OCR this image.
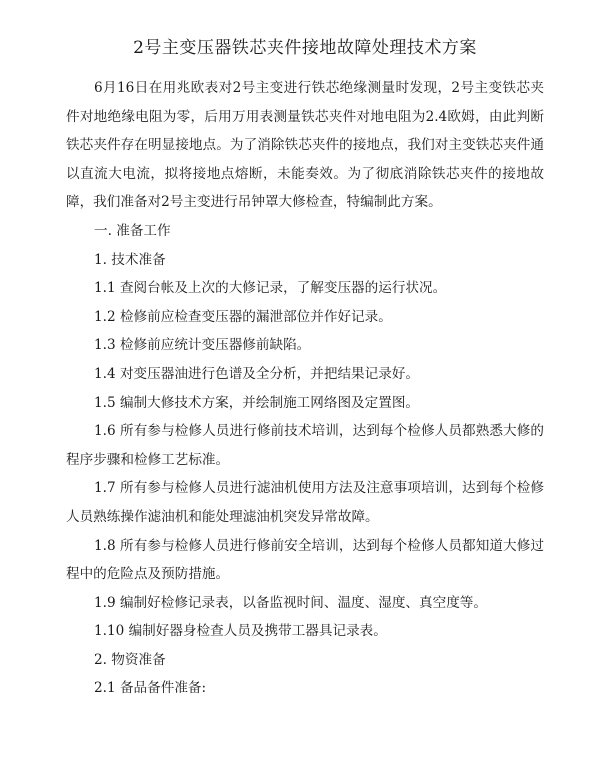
2号主变压器铁芯夹件接地故障处理技术方案

6月16日在用兆欧表对2号主变进行铁芯绝缘测量时发现，2号主变铁芯夹件对地绝缘电阻为零，后用万用表测量铁芯夹件对地电阻为2.4欧姆，由此判断铁芯夹件存在明显接地点。为了消除铁芯夹件的接地点，我们对主变铁芯夹件通以直流大电流，拟将接地点熔断，未能奏效。为了彻底消除铁芯夹件的接地故障，我们准备对2号主变进行吊钟罩大修检查，特编制此方案。

一. 准备工作

1. 技术准备

1.1 查阅台帐及上次的大修记录，了解变压器的运行状况。

1.2 检修前应检查变压器的漏泄部位并作好记录。

1.3 检修前应统计变压器修前缺陷。

1.4 对变压器油进行色谱及全分析，并把结果记录好。

1.5 编制大修技术方案，并绘制施工网络图及定置图。

1.6 所有参与检修人员进行修前技术培训，达到每个检修人员都熟悉大修的程序步骤和检修工艺标准。

1.7 所有参与检修人员进行滤油机使用方法及注意事项培训，达到每个检修人员熟练操作滤油机和能处理滤油机突发异常故障。

1.8 所有参与检修人员进行修前安全培训，达到每个检修人员都知道大修过程中的危险点及预防措施。

1.9 编制好检修记录表，以备监视时间、温度、湿度、真空度等。

1.10 编制好器身检查人员及携带工器具记录表。

2. 物资准备

2.1 备品备件准备:
